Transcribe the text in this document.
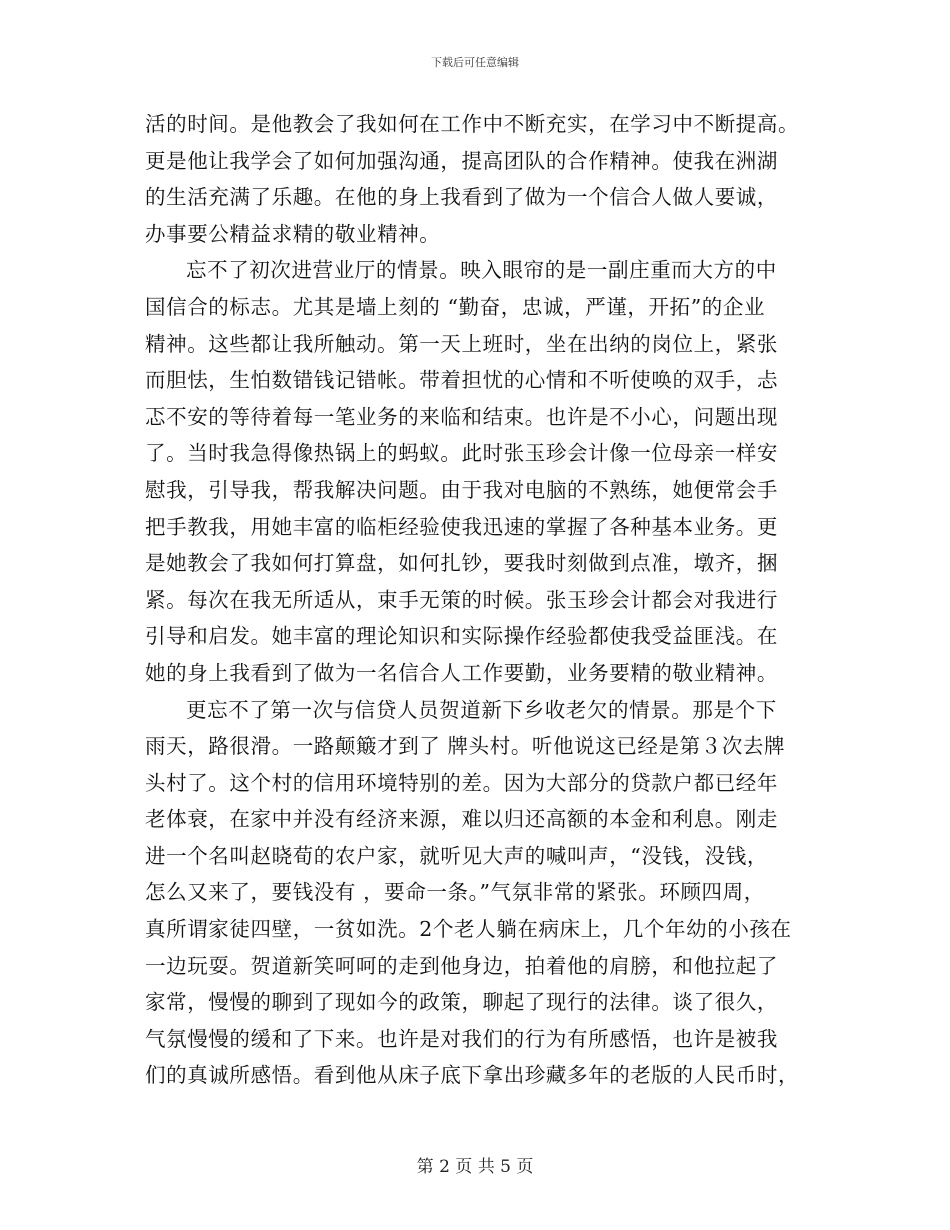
下载后可任意编辑
活的时间。是他教会了我如何在工作中不断充实，在学习中不断提高。
更是他让我学会了如何加强沟通，提高团队的合作精神。使我在洲湖
的生活充满了乐趣。在他的身上我看到了做为一个信合人做人要诚，
办事要公精益求精的敬业精神。
忘不了初次进营业厅的情景。映入眼帘的是一副庄重而大方的中
国信合的标志。尤其是墙上刻的 “勤奋，忠诚，严谨，开拓”的企业
精神。这些都让我所触动。第一天上班时，坐在出纳的岗位上，紧张
而胆怯，生怕数错钱记错帐。带着担忧的心情和不听使唤的双手，忐
忑不安的等待着每一笔业务的来临和结束。也许是不小心，问题出现
了。当时我急得像热锅上的蚂蚁。此时张玉珍会计像一位母亲一样安
慰我，引导我，帮我解决问题。由于我对电脑的不熟练，她便常会手
把手教我，用她丰富的临柜经验使我迅速的掌握了各种基本业务。更
是她教会了我如何打算盘，如何扎钞，要我时刻做到点准，墩齐，捆
紧。每次在我无所适从，束手无策的时候。张玉珍会计都会对我进行
引导和启发。她丰富的理论知识和实际操作经验都使我受益匪浅。在
她的身上我看到了做为一名信合人工作要勤，业务要精的敬业精神。
更忘不了第一次与信贷人员贺道新下乡收老欠的情景。那是个下
雨天，路很滑。一路颠簸才到了 牌头村。听他说这已经是第３次去牌
头村了。这个村的信用环境特别的差。因为大部分的贷款户都已经年
老体衰，在家中并没有经济来源，难以归还高额的本金和利息。刚走
进一个名叫赵晓荀的农户家，就听见大声的喊叫声，“没钱，没钱，
怎么又来了，要钱没有 ，要命一条。”气氛非常的紧张。环顾四周，
真所谓家徒四壁，一贫如洗。2个老人躺在病床上，几个年幼的小孩在
一边玩耍。贺道新笑呵呵的走到他身边，拍着他的肩膀，和他拉起了
家常，慢慢的聊到了现如今的政策，聊起了现行的法律。谈了很久，
气氛慢慢的缓和了下来。也许是对我们的行为有所感悟，也许是被我
们的真诚所感悟。看到他从床子底下拿出珍藏多年的老版的人民币时，
第 2 页 共 5 页
